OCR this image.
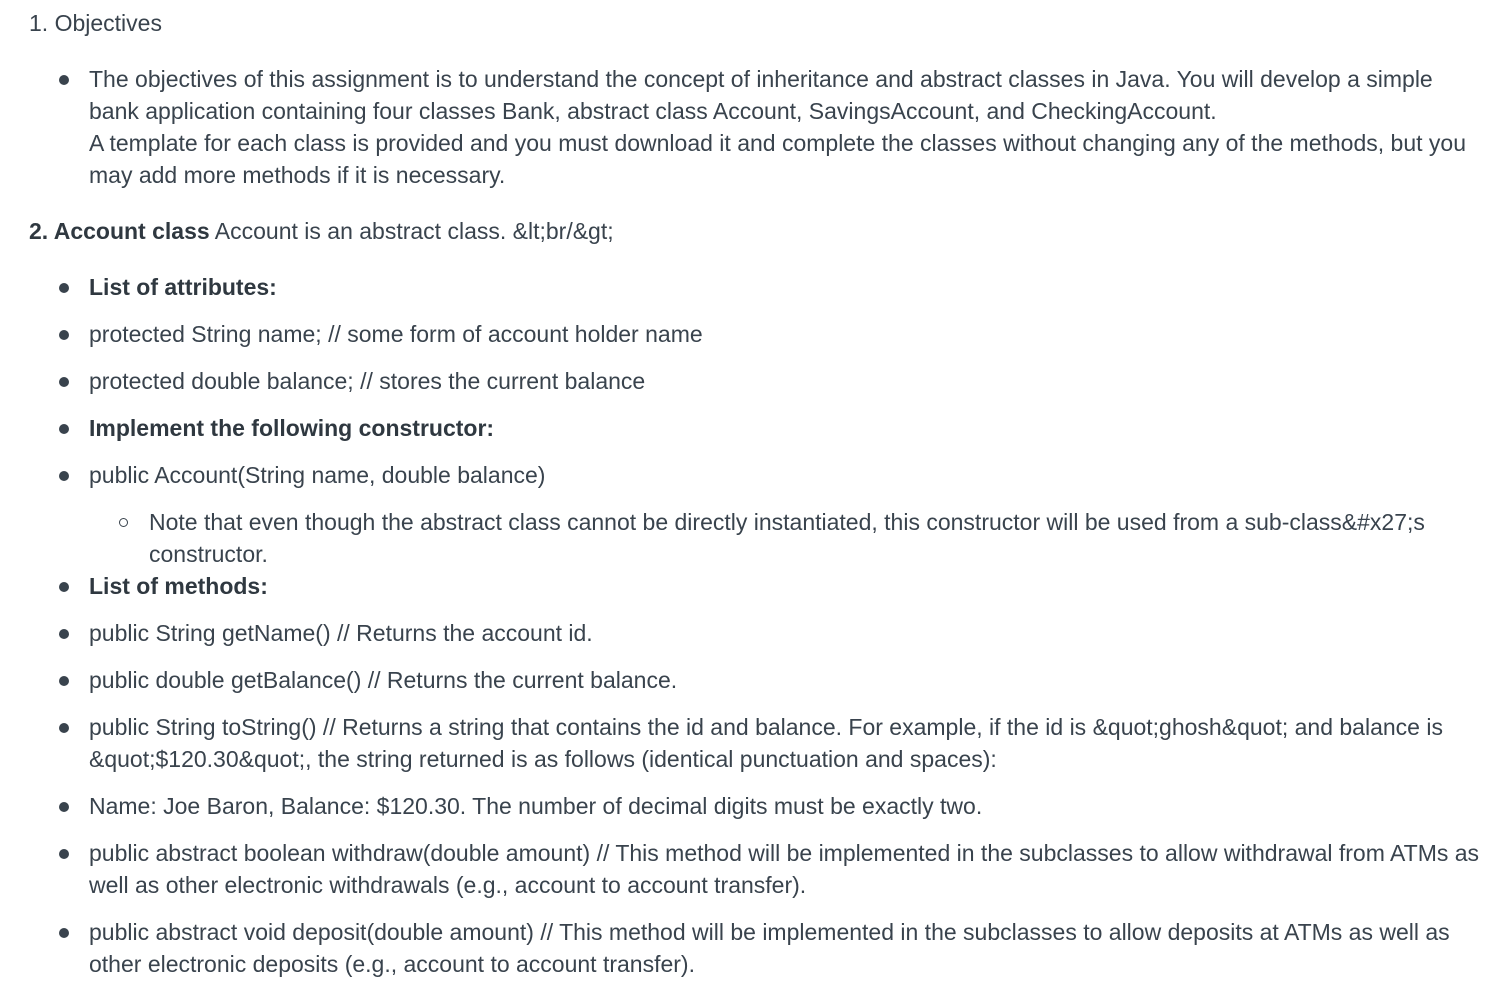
1. Objectives
The objectives of this assignment is to understand the concept of inheritance and abstract classes in Java. You will develop a simple bank application containing four classes Bank, abstract class Account, SavingsAccount, and CheckingAccount.
A template for each class is provided and you must download it and complete the classes without changing any of the methods, but you may add more methods if it is necessary.
2. Account class Account is an abstract class. &lt;br/&gt;
List of attributes:
protected String name; // some form of account holder name
protected double balance; // stores the current balance
Implement the following constructor:
public Account(String name, double balance)
Note that even though the abstract class cannot be directly instantiated, this constructor will be used from a sub-class&#x27;s constructor.
List of methods:
public String getName() // Returns the account id.
public double getBalance() // Returns the current balance.
public String toString() // Returns a string that contains the id and balance. For example, if the id is &quot;ghosh&quot; and balance is &quot;$120.30&quot;, the string returned is as follows (identical punctuation and spaces):
Name: Joe Baron, Balance: $120.30. The number of decimal digits must be exactly two.
public abstract boolean withdraw(double amount) // This method will be implemented in the subclasses to allow withdrawal from ATMs as well as other electronic withdrawals (e.g., account to account transfer).
public abstract void deposit(double amount) // This method will be implemented in the subclasses to allow deposits at ATMs as well as other electronic deposits (e.g., account to account transfer).
